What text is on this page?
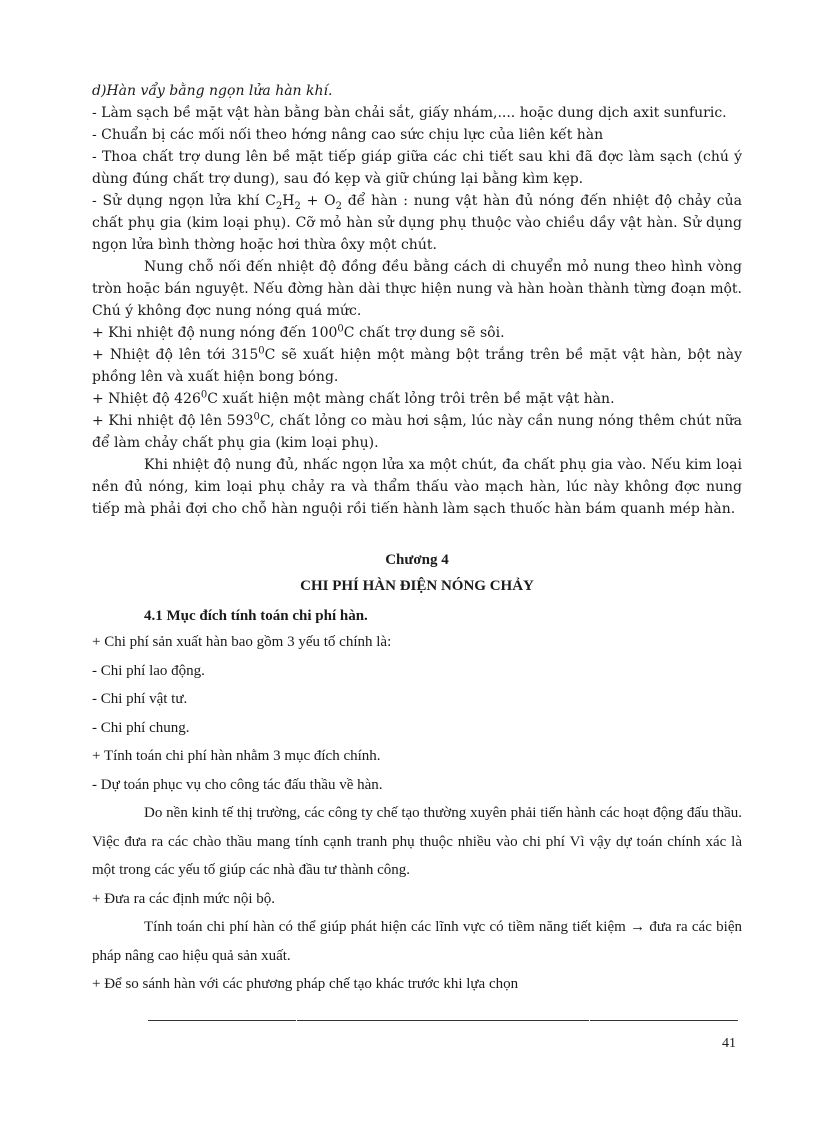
d)Hàn vẩy bằng ngọn lửa hàn khí.

- Làm sạch bề mặt vật hàn bằng bàn chải sắt, giấy nhám,.... hoặc dung dịch axit sunfuric.

- Chuẩn bị các mối nối theo hớng nâng cao sức chịu lực của liên kết hàn

- Thoa chất trợ dung lên bề mặt tiếp giáp giữa các chi tiết sau khi đã đợc làm sạch (chú ý dùng đúng chất trợ dung), sau đó kẹp và giữ chúng lại bằng kìm kẹp.

- Sử dụng ngọn lửa khí $C_2H_2 + O_2$ để hàn : nung vật hàn đủ nóng đến nhiệt độ chảy của chất phụ gia (kim loại phụ). Cỡ mỏ hàn sử dụng phụ thuộc vào chiều dầy vật hàn. Sử dụng ngọn lửa bình thờng hoặc hơi thừa ôxy một chút.

Nung chỗ nối đến nhiệt độ đồng đều bằng cách di chuyển mỏ nung theo hình vòng tròn hoặc bán nguyệt. Nếu đờng hàn dài thực hiện nung và hàn hoàn thành từng đoạn một. Chú ý không đợc nung nóng quá mức.

+ Khi nhiệt độ nung nóng đến $100^0C$ chất trợ dung sẽ sôi.

+ Nhiệt độ lên tới $315^0C$ sẽ xuất hiện một màng bột trắng trên bề mặt vật hàn, bột này phồng lên và xuất hiện bong bóng.

+ Nhiệt độ $426^0C$ xuất hiện một màng chất lỏng trôi trên bề mặt vật hàn.

+ Khi nhiệt độ lên $593^0C$, chất lỏng co màu hơi sậm, lúc này cần nung nóng thêm chút nữa để làm chảy chất phụ gia (kim loại phụ).

Khi nhiệt độ nung đủ, nhấc ngọn lửa xa một chút, đa chất phụ gia vào. Nếu kim loại nền đủ nóng, kim loại phụ chảy ra và thẩm thấu vào mạch hàn, lúc này không đợc nung tiếp mà phải đợi cho chỗ hàn nguội rồi tiến hành làm sạch thuốc hàn bám quanh mép hàn.

Chương 4

CHI PHÍ HÀN ĐIỆN NÓNG CHẢY

4.1 Mục đích tính toán chi phí hàn.

+ Chi phí sản xuất hàn bao gồm 3 yếu tố chính là:

- Chi phí lao động.

- Chi phí vật tư.

- Chi phí chung.

+ Tính toán chi phí hàn nhằm 3 mục đích chính.

- Dự toán phục vụ cho công tác đấu thầu về hàn.

Do nền kinh tế thị trường, các công ty chế tạo thường xuyên phải tiến hành các hoạt động đấu thầu. Việc đưa ra các chào thầu mang tính cạnh tranh phụ thuộc nhiều vào chi phí Vì vậy dự toán chính xác là một trong các yếu tố giúp các nhà đầu tư thành công.

+ Đưa ra các định mức nội bộ.

Tính toán chi phí hàn có thể giúp phát hiện các lĩnh vực có tiềm năng tiết kiệm → đưa ra các biện pháp nâng cao hiệu quả sản xuất.

+ Để so sánh hàn với các phương pháp chế tạo khác trước khi lựa chọn

41
